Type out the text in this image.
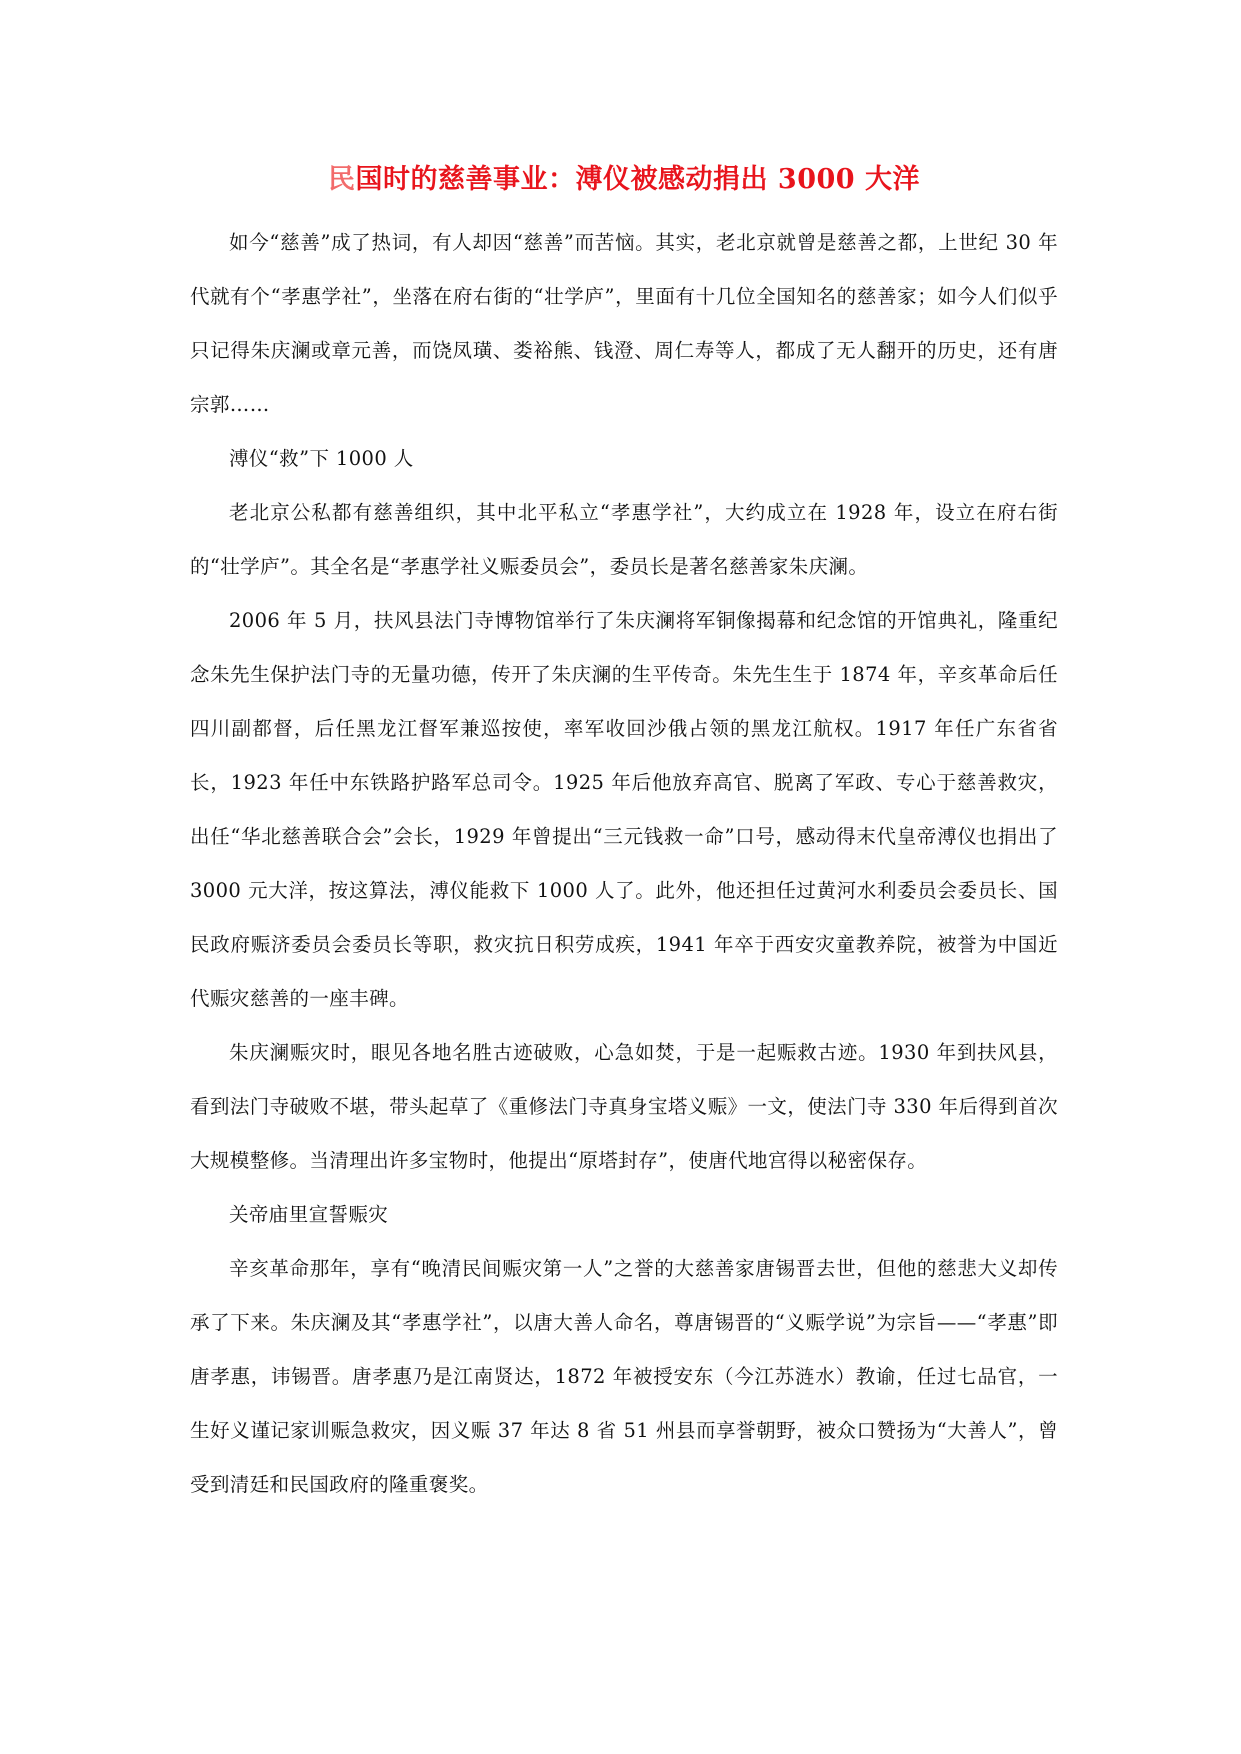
民国时的慈善事业：溥仪被感动捐出 3000 大洋

如今“慈善”成了热词，有人却因“慈善”而苦恼。其实，老北京就曾是慈善之都，上世纪 30 年代就有个“孝惠学社”，坐落在府右街的“壮学庐”，里面有十几位全国知名的慈善家；如今人们似乎只记得朱庆澜或章元善，而饶凤璜、娄裕熊、钱澄、周仁寿等人，都成了无人翻开的历史，还有唐宗郭……

溥仪“救”下 1000 人

老北京公私都有慈善组织，其中北平私立“孝惠学社”，大约成立在 1928 年，设立在府右街的“壮学庐”。其全名是“孝惠学社义赈委员会”，委员长是著名慈善家朱庆澜。

2006 年 5 月，扶风县法门寺博物馆举行了朱庆澜将军铜像揭幕和纪念馆的开馆典礼，隆重纪念朱先生保护法门寺的无量功德，传开了朱庆澜的生平传奇。朱先生生于 1874 年，辛亥革命后任四川副都督，后任黑龙江督军兼巡按使，率军收回沙俄占领的黑龙江航权。1917 年任广东省省长，1923 年任中东铁路护路军总司令。1925 年后他放弃高官、脱离了军政、专心于慈善救灾，出任“华北慈善联合会”会长，1929 年曾提出“三元钱救一命”口号，感动得末代皇帝溥仪也捐出了 3000 元大洋，按这算法，溥仪能救下 1000 人了。此外，他还担任过黄河水利委员会委员长、国民政府赈济委员会委员长等职，救灾抗日积劳成疾，1941 年卒于西安灾童教养院，被誉为中国近代赈灾慈善的一座丰碑。

朱庆澜赈灾时，眼见各地名胜古迹破败，心急如焚，于是一起赈救古迹。1930 年到扶风县，看到法门寺破败不堪，带头起草了《重修法门寺真身宝塔义赈》一文，使法门寺 330 年后得到首次大规模整修。当清理出许多宝物时，他提出“原塔封存”，使唐代地宫得以秘密保存。

关帝庙里宣誓赈灾

辛亥革命那年，享有“晚清民间赈灾第一人”之誉的大慈善家唐锡晋去世，但他的慈悲大义却传承了下来。朱庆澜及其“孝惠学社”，以唐大善人命名，尊唐锡晋的“义赈学说”为宗旨——“孝惠”即唐孝惠，讳锡晋。唐孝惠乃是江南贤达，1872 年被授安东（今江苏涟水）教谕，任过七品官，一生好义谨记家训赈急救灾，因义赈 37 年达 8 省 51 州县而享誉朝野，被众口赞扬为“大善人”，曾受到清廷和民国政府的隆重褒奖。
